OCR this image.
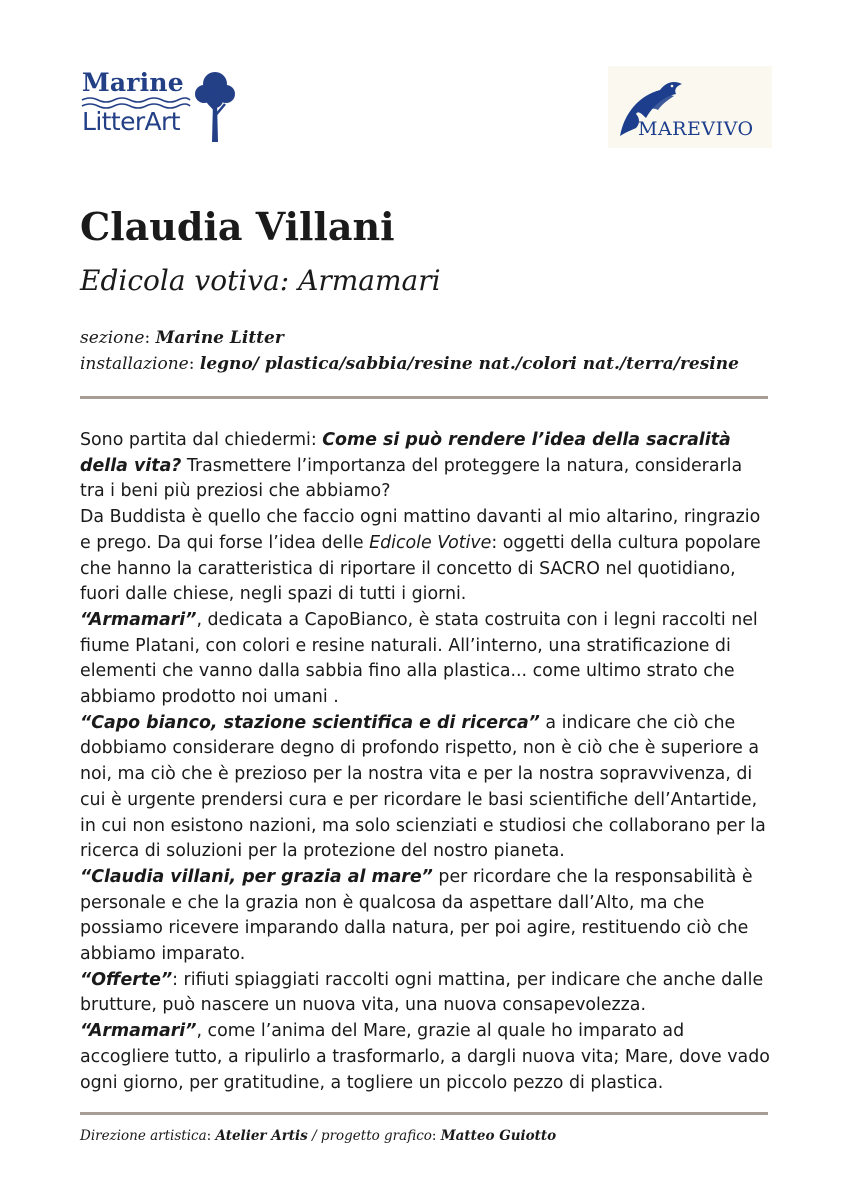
Marine
LitterArt	MAREVIVO
Claudia Villani
Edicola votiva: Armamari
sezione: Marine Litter
installazione: legno/ plastica/sabbia/resine nat./colori nat./terra/resine

Sono partita dal chiedermi: Come si può rendere l’idea della sacralità della vita? Trasmettere l’importanza del proteggere la natura, considerarla tra i beni più preziosi che abbiamo?

Da Buddista è quello che faccio ogni mattino davanti al mio altarino, ringrazio e prego. Da qui forse l’idea delle Edicole Votive: oggetti della cultura popolare che hanno la caratteristica di riportare il concetto di SACRO nel quotidiano, fuori dalle chiese, negli spazi di tutti i giorni.

“Armamari”, dedicata a CapoBianco, è stata costruita con i legni raccolti nel fiume Platani, con colori e resine naturali. All’interno, una stratificazione di elementi che vanno dalla sabbia fino alla plastica... come ultimo strato che abbiamo prodotto noi umani .

“Capo bianco, stazione scientifica e di ricerca” a indicare che ciò che dobbiamo considerare degno di profondo rispetto, non è ciò che è superiore a noi, ma ciò che è prezioso per la nostra vita e per la nostra sopravvivenza, di cui è urgente prendersi cura e per ricordare le basi scientifiche dell’Antartide, in cui non esistono nazioni, ma solo scienziati e studiosi che collaborano per la ricerca di soluzioni per la protezione del nostro pianeta.

“Claudia villani, per grazia al mare” per ricordare che la responsabilità è personale e che la grazia non è qualcosa da aspettare dall’Alto, ma che possiamo ricevere imparando dalla natura, per poi agire, restituendo ciò che abbiamo imparato.

“Offerte”: rifiuti spiaggiati raccolti ogni mattina, per indicare che anche dalle brutture, può nascere un nuova vita, una nuova consapevolezza.

“Armamari”, come l’anima del Mare, grazie al quale ho imparato ad accogliere tutto, a ripulirlo a trasformarlo, a dargli nuova vita; Mare, dove vado ogni giorno, per gratitudine, a togliere un piccolo pezzo di plastica.

Direzione artistica: Atelier Artis / progetto grafico: Matteo Guiotto
